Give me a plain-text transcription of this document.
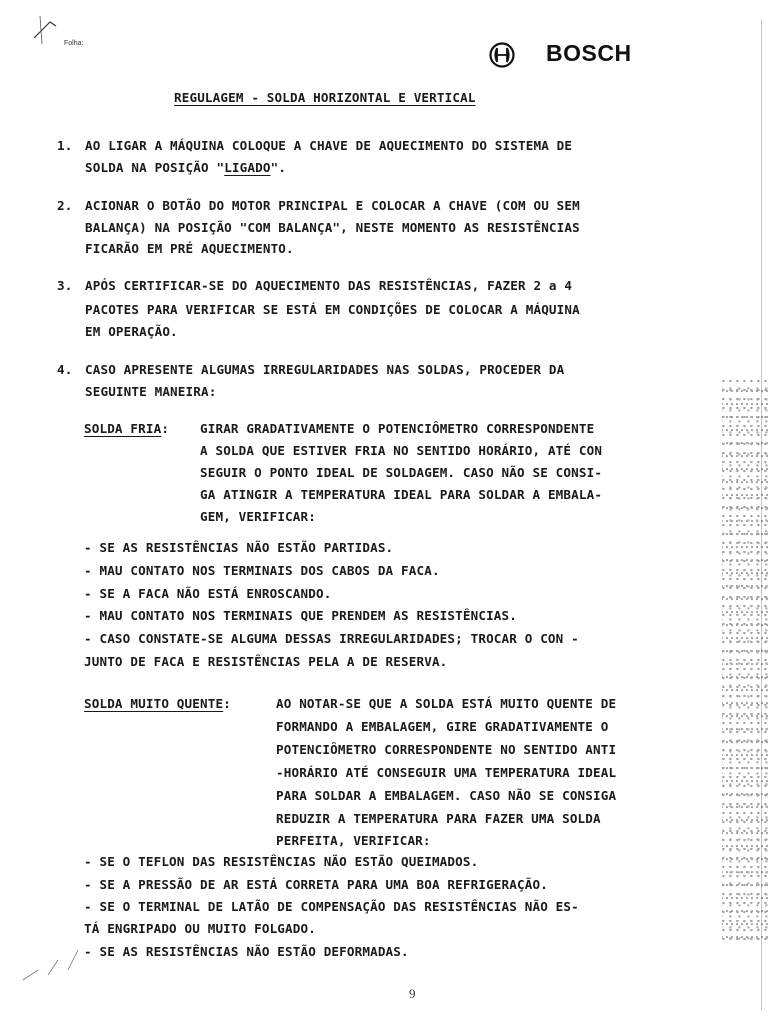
Folha:	BOSCH
REGULAGEM - SOLDA HORIZONTAL E VERTICAL
1. AO LIGAR A MÁQUINA COLOQUE A CHAVE DE AQUECIMENTO DO SISTEMA DE
SOLDA NA POSIÇÃO "LIGADO".
2. ACIONAR O BOTÃO DO MOTOR PRINCIPAL E COLOCAR A CHAVE (COM OU SEM
BALANÇA) NA POSIÇÃO "COM BALANÇA", NESTE MOMENTO AS RESISTÊNCIAS
FICARÃO EM PRÉ AQUECIMENTO.
3. APÓS CERTIFICAR-SE DO AQUECIMENTO DAS RESISTÊNCIAS, FAZER 2 a 4
PACOTES PARA VERIFICAR SE ESTÁ EM CONDIÇÕES DE COLOCAR A MÁQUINA
EM OPERAÇÃO.
4. CASO APRESENTE ALGUMAS IRREGULARIDADES NAS SOLDAS, PROCEDER DA
SEGUINTE MANEIRA:
SOLDA FRIA: GIRAR GRADATIVAMENTE O POTENCIÔMETRO CORRESPONDENTE
A SOLDA QUE ESTIVER FRIA NO SENTIDO HORÁRIO, ATÉ CON
SEGUIR O PONTO IDEAL DE SOLDAGEM. CASO NÃO SE CONSI-
GA ATINGIR A TEMPERATURA IDEAL PARA SOLDAR A EMBALA-
GEM, VERIFICAR:
- SE AS RESISTÊNCIAS NÃO ESTÃO PARTIDAS.
- MAU CONTATO NOS TERMINAIS DOS CABOS DA FACA.
- SE A FACA NÃO ESTÁ ENROSCANDO.
- MAU CONTATO NOS TERMINAIS QUE PRENDEM AS RESISTÊNCIAS.
- CASO CONSTATE-SE ALGUMA DESSAS IRREGULARIDADES; TROCAR O CON -
JUNTO DE FACA E RESISTÊNCIAS PELA A DE RESERVA.
SOLDA MUITO QUENTE:	AO NOTAR-SE QUE A SOLDA ESTÁ MUITO QUENTE DE
FORMANDO A EMBALAGEM, GIRE GRADATIVAMENTE O
POTENCIÔMETRO CORRESPONDENTE NO SENTIDO ANTI
-HORÁRIO ATÉ CONSEGUIR UMA TEMPERATURA IDEAL
PARA SOLDAR A EMBALAGEM. CASO NÃO SE CONSIGA
REDUZIR A TEMPERATURA PARA FAZER UMA SOLDA
PERFEITA, VERIFICAR:
- SE O TEFLON DAS RESISTÊNCIAS NÃO ESTÃO QUEIMADOS.
- SE A PRESSÃO DE AR ESTÁ CORRETA PARA UMA BOA REFRIGERAÇÃO.
- SE O TERMINAL DE LATÃO DE COMPENSAÇÃO DAS RESISTÊNCIAS NÃO ES-
TÁ ENGRIPADO OU MUITO FOLGADO.
- SE AS RESISTÊNCIAS NÃO ESTÃO DEFORMADAS.
9
